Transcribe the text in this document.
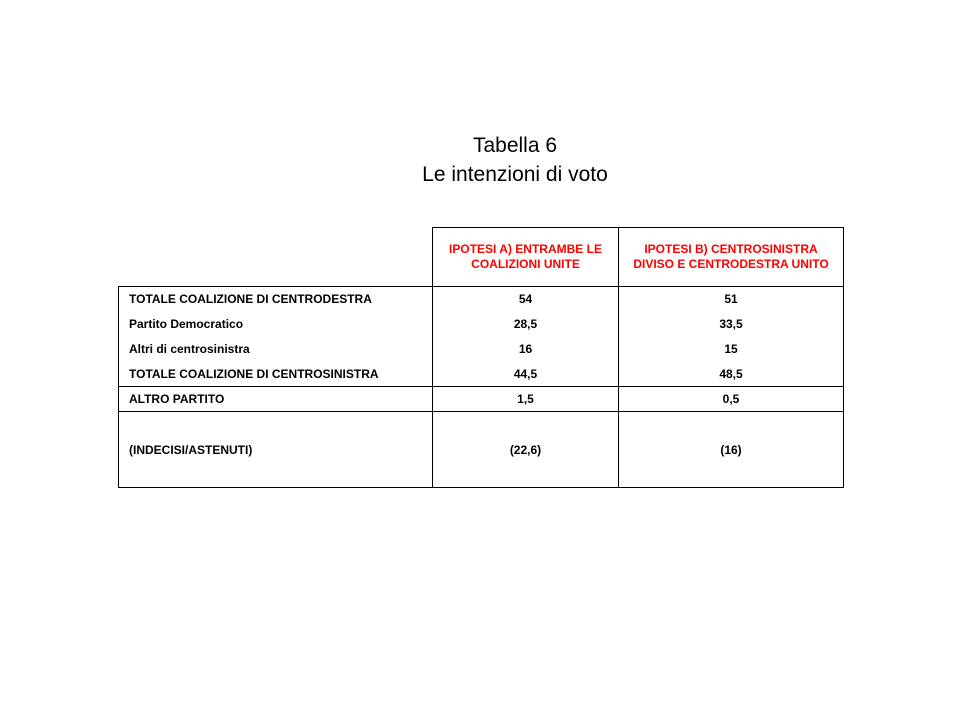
Tabella 6
Le intenzioni di voto
	IPOTESI A) ENTRAMBE LE COALIZIONI UNITE	IPOTESI B) CENTROSINISTRA DIVISO E CENTRODESTRA UNITO
TOTALE COALIZIONE DI CENTRODESTRA	54	51
Partito Democratico	28,5	33,5
Altri di centrosinistra	16	15
TOTALE COALIZIONE DI CENTROSINISTRA	44,5	48,5
ALTRO PARTITO	1,5	0,5
(INDECISI/ASTENUTI)	(22,6)	(16)
